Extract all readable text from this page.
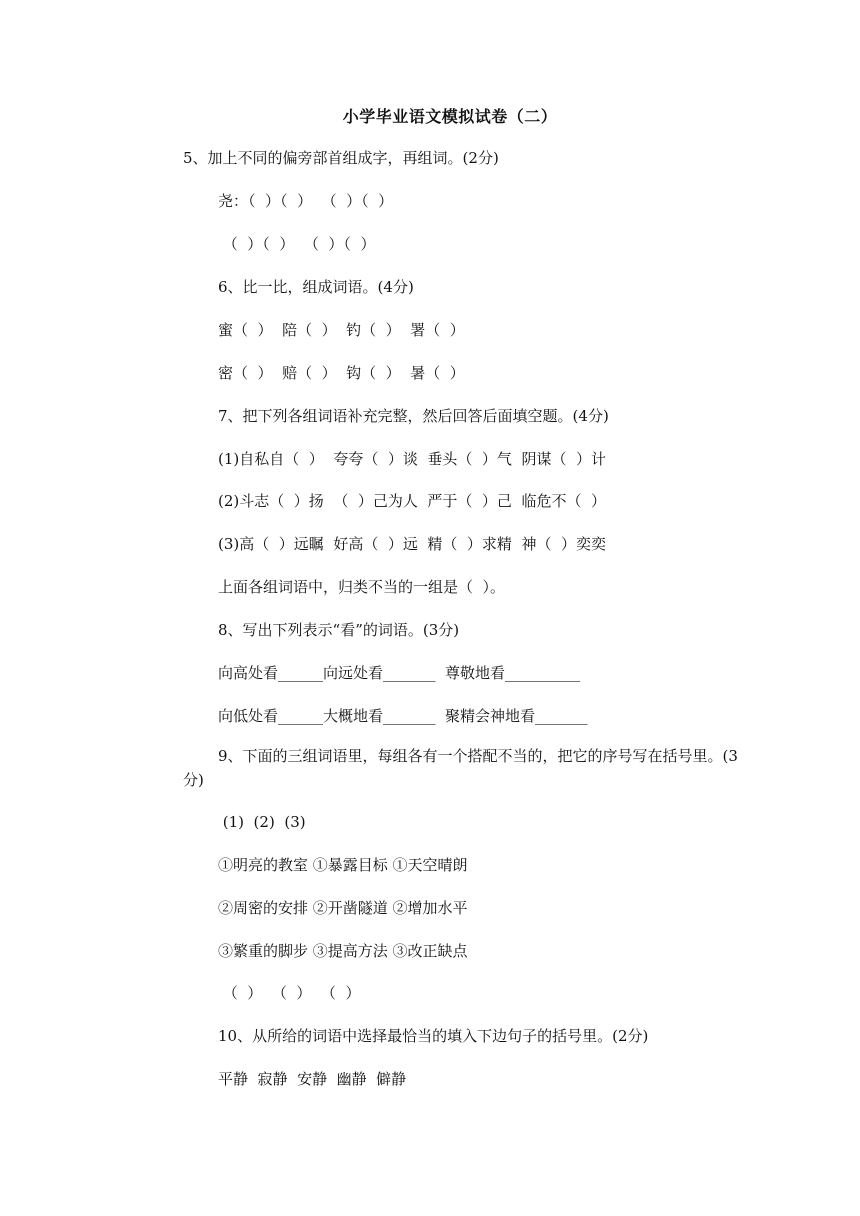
小学毕业语文模拟试卷（二）
5、加上不同的偏旁部首组成字，再组词。(2分)
尧：（  ）（  ）  （  ）（  ）
（  ）（  ）  （  ）（  ）
6、比一比，组成词语。(4分)
蜜（  ）  陪（  ）  钓（  ）  署（  ）
密（  ）  赔（  ）  钩（  ）  暑（  ）
7、把下列各组词语补充完整，然后回答后面填空题。(4分)
(1)自私自（  ）  夸夸（  ）谈  垂头（  ）气  阴谋（  ）计
(2)斗志（  ）扬  （  ）己为人  严于（  ）己  临危不（  ）
(3)高（  ）远瞩  好高（  ）远  精（  ）求精  神（  ）奕奕
上面各组词语中，归类不当的一组是（  ）。
8、写出下列表示“看”的词语。(3分)
向高处看______向远处看_______  尊敬地看__________
向低处看______大概地看_______  聚精会神地看_______
9、下面的三组词语里，每组各有一个搭配不当的，把它的序号写在括号里。(3分)
(1)  (2)  (3)
①明亮的教室 ①暴露目标 ①天空晴朗
②周密的安排 ②开凿隧道 ②增加水平
③繁重的脚步 ③提高方法 ③改正缺点
（  ）  （  ）  （  ）
10、从所给的词语中选择最恰当的填入下边句子的括号里。(2分)
平静  寂静  安静  幽静  僻静
